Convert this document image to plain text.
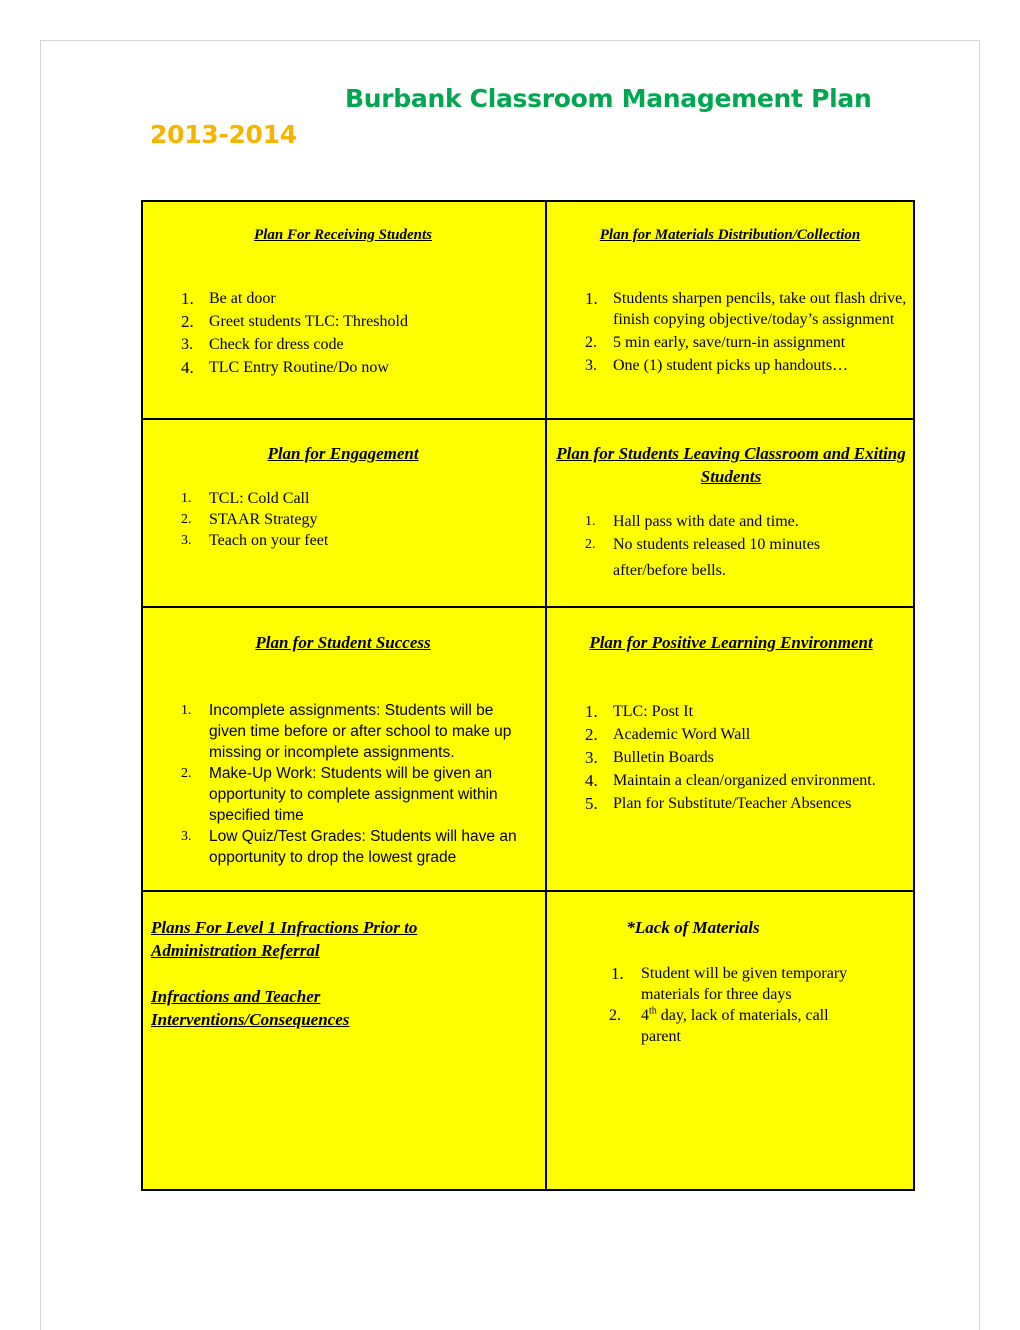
Burbank Classroom Management Plan
2013-2014
Plan For Receiving Students
1. Be at door
2. Greet students TLC: Threshold
3. Check for dress code
4. TLC Entry Routine/Do now
Plan for Materials Distribution/Collection
1. Students sharpen pencils, take out flash drive, finish copying objective/today’s assignment
2. 5 min early, save/turn-in assignment
3. One (1) student picks up handouts…
Plan for Engagement
1. TCL: Cold Call
2. STAAR Strategy
3. Teach on your feet
Plan for Students Leaving Classroom and Exiting Students
1. Hall pass with date and time.
2. No students released 10 minutes after/before bells.
Plan for Student Success
1. Incomplete assignments: Students will be given time before or after school to make up missing or incomplete assignments.
2. Make-Up Work: Students will be given an opportunity to complete assignment within specified time
3. Low Quiz/Test Grades: Students will have an opportunity to drop the lowest grade
Plan for Positive Learning Environment
1. TLC: Post It
2. Academic Word Wall
3. Bulletin Boards
4. Maintain a clean/organized environment.
5. Plan for Substitute/Teacher Absences
Plans For Level 1 Infractions Prior to Administration Referral
Infractions and Teacher Interventions/Consequences
*Lack of Materials
1. Student will be given temporary materials for three days
2. 4th day, lack of materials, call parent
